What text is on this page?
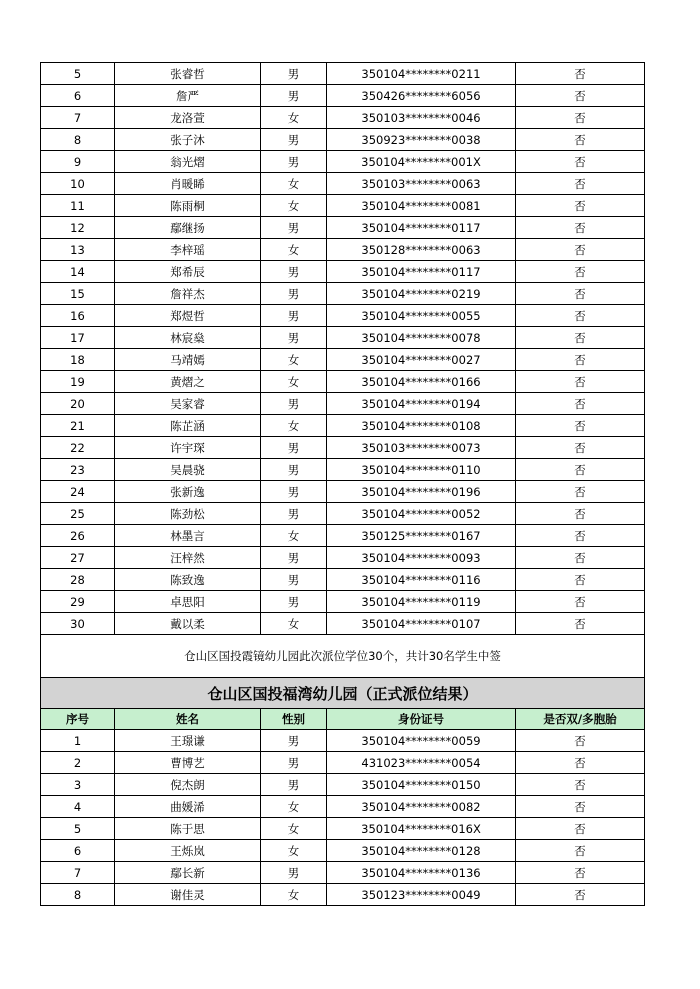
5	张睿哲	男	350104********0211	否
6	詹严	男	350426********6056	否
7	龙洛萱	女	350103********0046	否
8	张子沐	男	350923********0038	否
9	翁光熠	男	350104********001X	否
10	肖暖睎	女	350103********0063	否
11	陈雨桐	女	350104********0081	否
12	鄢继扬	男	350104********0117	否
13	李梓瑶	女	350128********0063	否
14	郑希辰	男	350104********0117	否
15	詹祥杰	男	350104********0219	否
16	郑煜哲	男	350104********0055	否
17	林宸燊	男	350104********0078	否
18	马靖嫣	女	350104********0027	否
19	黄熠之	女	350104********0166	否
20	吴家睿	男	350104********0194	否
21	陈芷涵	女	350104********0108	否
22	许宇琛	男	350103********0073	否
23	吴晨骁	男	350104********0110	否
24	张新逸	男	350104********0196	否
25	陈劲松	男	350104********0052	否
26	林墨言	女	350125********0167	否
27	汪梓然	男	350104********0093	否
28	陈致逸	男	350104********0116	否
29	卓思阳	男	350104********0119	否
30	戴以柔	女	350104********0107	否
仓山区国投霞镜幼儿园此次派位学位30个，共计30名学生中签				
仓山区国投福湾幼儿园（正式派位结果）				
序号	姓名	性别	身份证号	是否双/多胞胎
1	王璟谦	男	350104********0059	否
2	曹博艺	男	431023********0054	否
3	倪杰朗	男	350104********0150	否
4	曲媛浠	女	350104********0082	否
5	陈于思	女	350104********016X	否
6	王烁岚	女	350104********0128	否
7	鄢长新	男	350104********0136	否
8	谢佳灵	女	350123********0049	否
